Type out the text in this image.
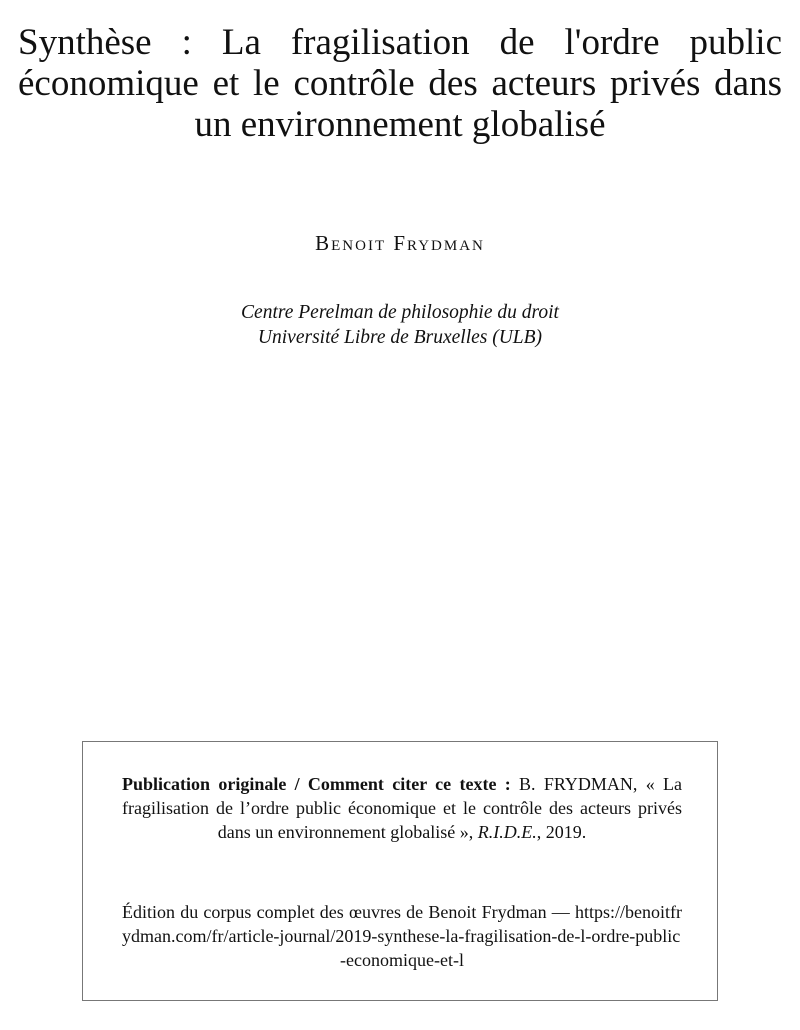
Synthèse : La fragilisation de l'ordre public économique et le contrôle des acteurs privés dans un environnement globalisé
Benoit Frydman
Centre Perelman de philosophie du droit
Université Libre de Bruxelles (ULB)
Publication originale / Comment citer ce texte : B. FRYDMAN, « La fragilisation de l’ordre public économique et le contrôle des acteurs privés dans un environnement globalisé », R.I.D.E., 2019.
Édition du corpus complet des œuvres de Benoit Frydman — https://benoitfrydman.com/fr/article-journal/2019-synthese-la-fragilisation-de-l-ordre-public-economique-et-l
